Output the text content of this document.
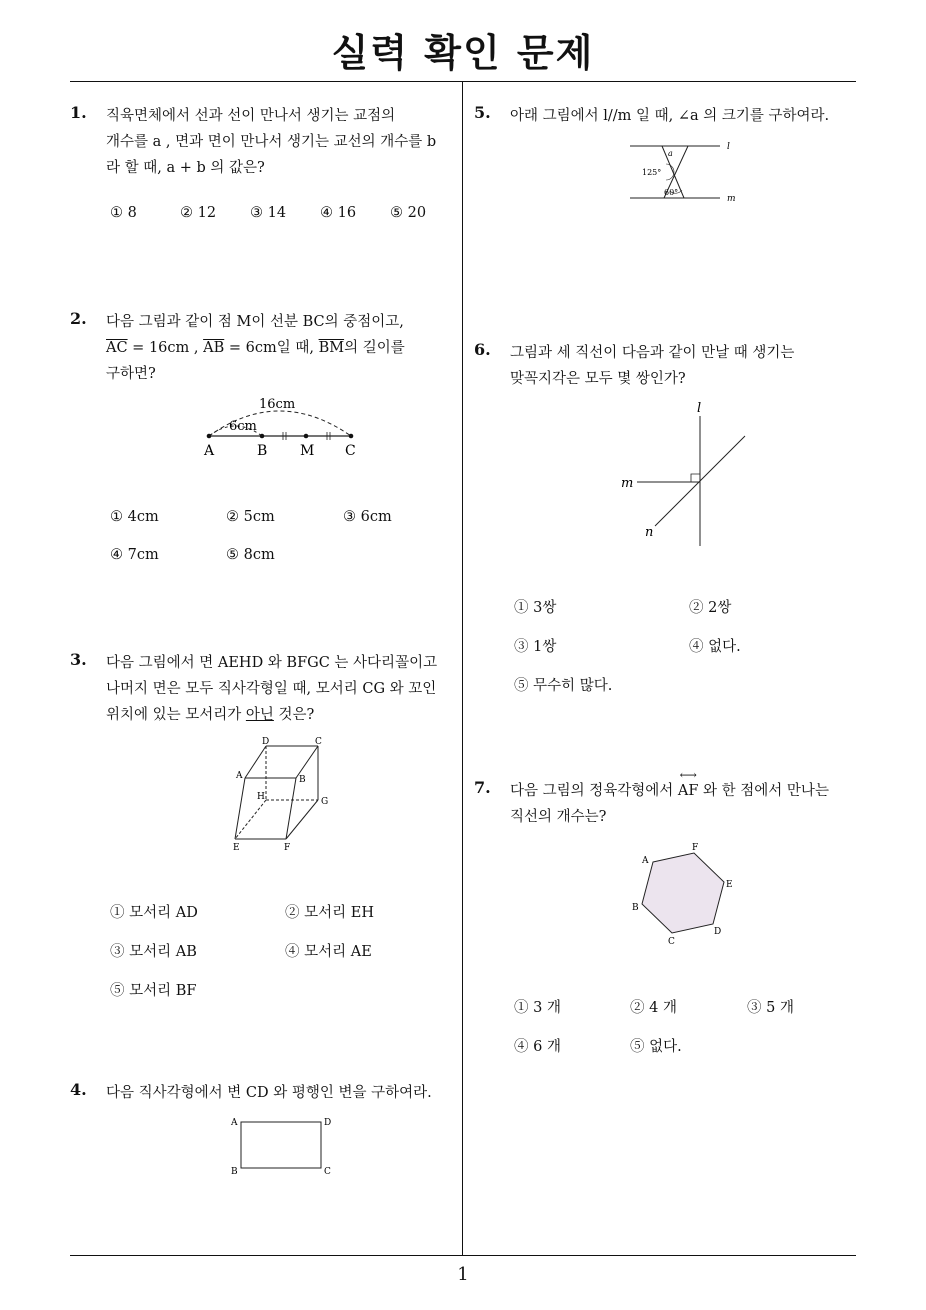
실력 확인 문제
1
1. 직육면체에서 선과 선이 만나서 생기는 교점의
개수를 a , 면과 면이 만나서 생기는 교선의 개수를 b
라 할 때, a + b 의 값은?
① 8	② 12 ③ 14 ④ 16 ⑤ 20
2. 다음 그림과 같이 점 M이 선분 BC의 중점이고,
$\overline{AC} = 16cm$ , $\overline{AB} = 6cm$일 때, $\overline{BM}$의 길이를
구하면?
16cm
6cm
A	B M C
① 4cm	② 5cm	③ 6cm
④ 7cm	⑤ 8cm
3. 다음 그림에서 면 AEHD 와 BFGC 는 사다리꼴이고
나머지 면은 모두 직사각형일 때, 모서리 CG 와 꼬인
위치에 있는 모서리가 아닌 것은?
D	C
A	B
H	G
E	F
① 모서리 AD	② 모서리 EH
③ 모서리 AB	④ 모서리 AE
⑤ 모서리 BF
4. 다음 직사각형에서 변 CD 와 평행인 변을 구하여라.
A	D
B	C
5. 아래 그림에서 l//m 일 때, ∠a 의 크기를 구하여라.
a
125°
60°
l
m
6. 그림과 세 직선이 다음과 같이 만날 때 생기는
맞꼭지각은 모두 몇 쌍인가?
l
m
n
① 3쌍	② 2쌍
③ 1쌍	④ 없다.
⑤ 무수히 많다.
7. 다음 그림의 정육각형에서
⟷
AF 와 한 점에서 만나는
직선의 개수는?
A
F
E
D
C
B
① 3 개	② 4 개	③ 5 개
④ 6 개	⑤ 없다.
